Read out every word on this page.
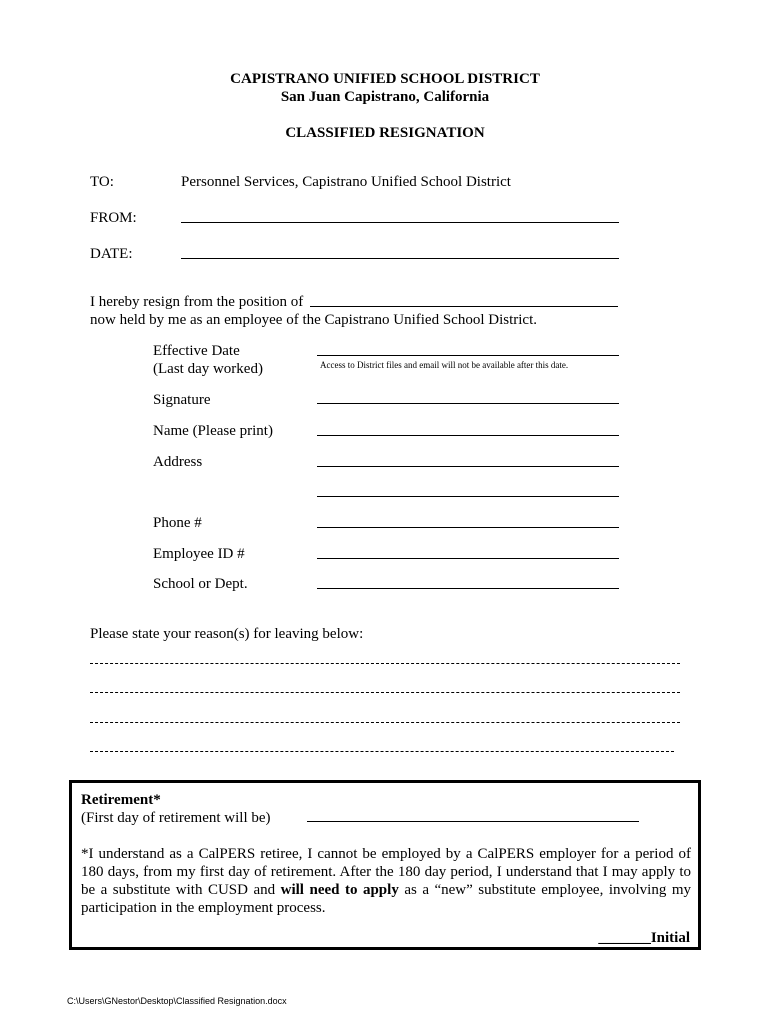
CAPISTRANO UNIFIED SCHOOL DISTRICT
San Juan Capistrano, California
CLASSIFIED RESIGNATION
TO:	Personnel Services, Capistrano Unified School District
FROM:
DATE:
I hereby resign from the position of
now held by me as an employee of the Capistrano Unified School District.
Effective Date
(Last day worked)	Access to District files and email will not be available after this date.
Signature
Name (Please print)
Address
Phone #
Employee ID #
School or Dept.
Please state your reason(s) for leaving below:
Retirement*
(First day of retirement will be)
*I understand as a CalPERS retiree, I cannot be employed by a CalPERS employer for a period of 180 days, from my first day of retirement. After the 180 day period, I understand that I may apply to be a substitute with CUSD and will need to apply as a “new” substitute employee, involving my participation in the employment process.
_______Initial
C:\Users\GNestor\Desktop\Classified Resignation.docx
